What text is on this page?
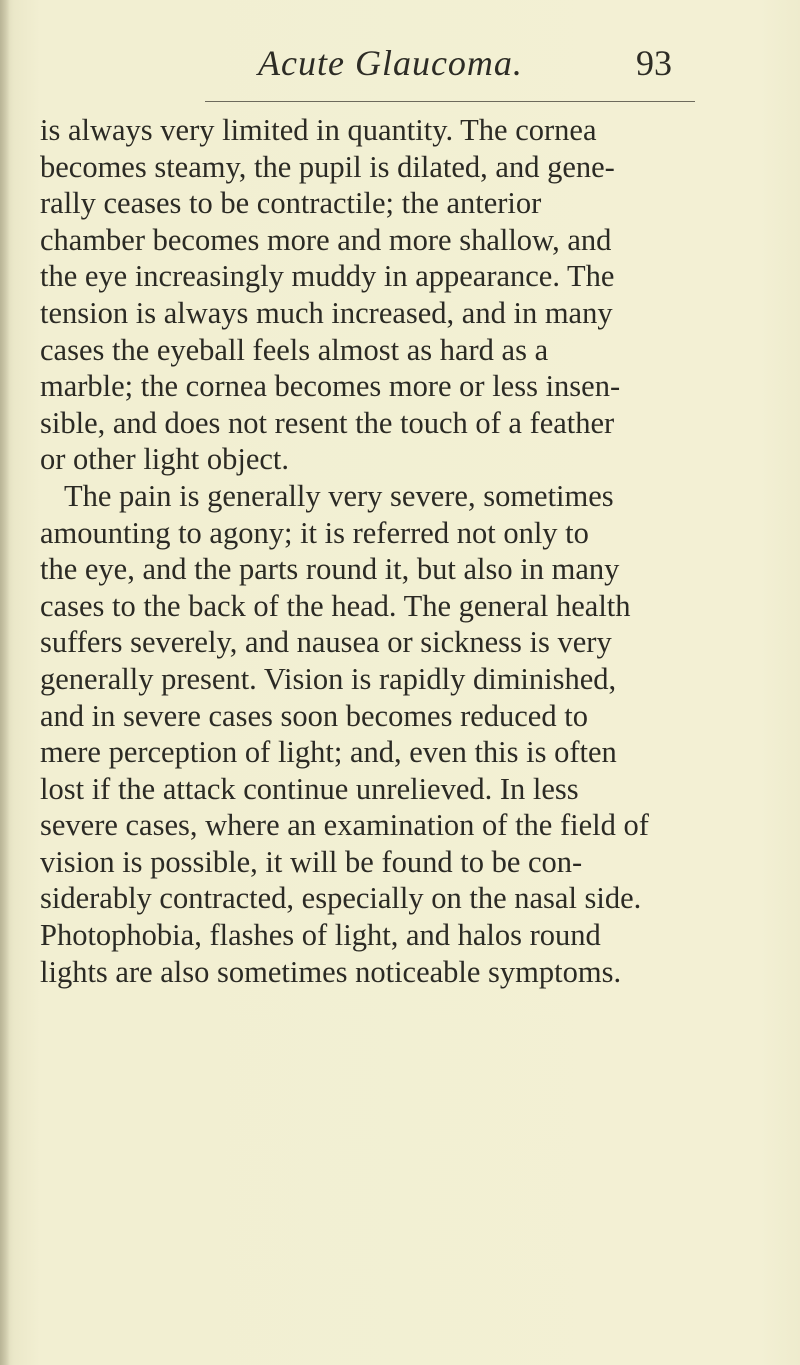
Acute Glaucoma.	93
is always very limited in quantity. The cornea
becomes steamy, the pupil is dilated, and gene-
rally ceases to be contractile; the anterior
chamber becomes more and more shallow, and
the eye increasingly muddy in appearance. The
tension is always much increased, and in many
cases the eyeball feels almost as hard as a
marble; the cornea becomes more or less insen-
sible, and does not resent the touch of a feather
or other light object.
The pain is generally very severe, sometimes
amounting to agony; it is referred not only to
the eye, and the parts round it, but also in many
cases to the back of the head. The general health
suffers severely, and nausea or sickness is very
generally present. Vision is rapidly diminished,
and in severe cases soon becomes reduced to
mere perception of light; and, even this is often
lost if the attack continue unrelieved. In less
severe cases, where an examination of the field of
vision is possible, it will be found to be con-
siderably contracted, especially on the nasal side.
Photophobia, flashes of light, and halos round
lights are also sometimes noticeable symptoms.
